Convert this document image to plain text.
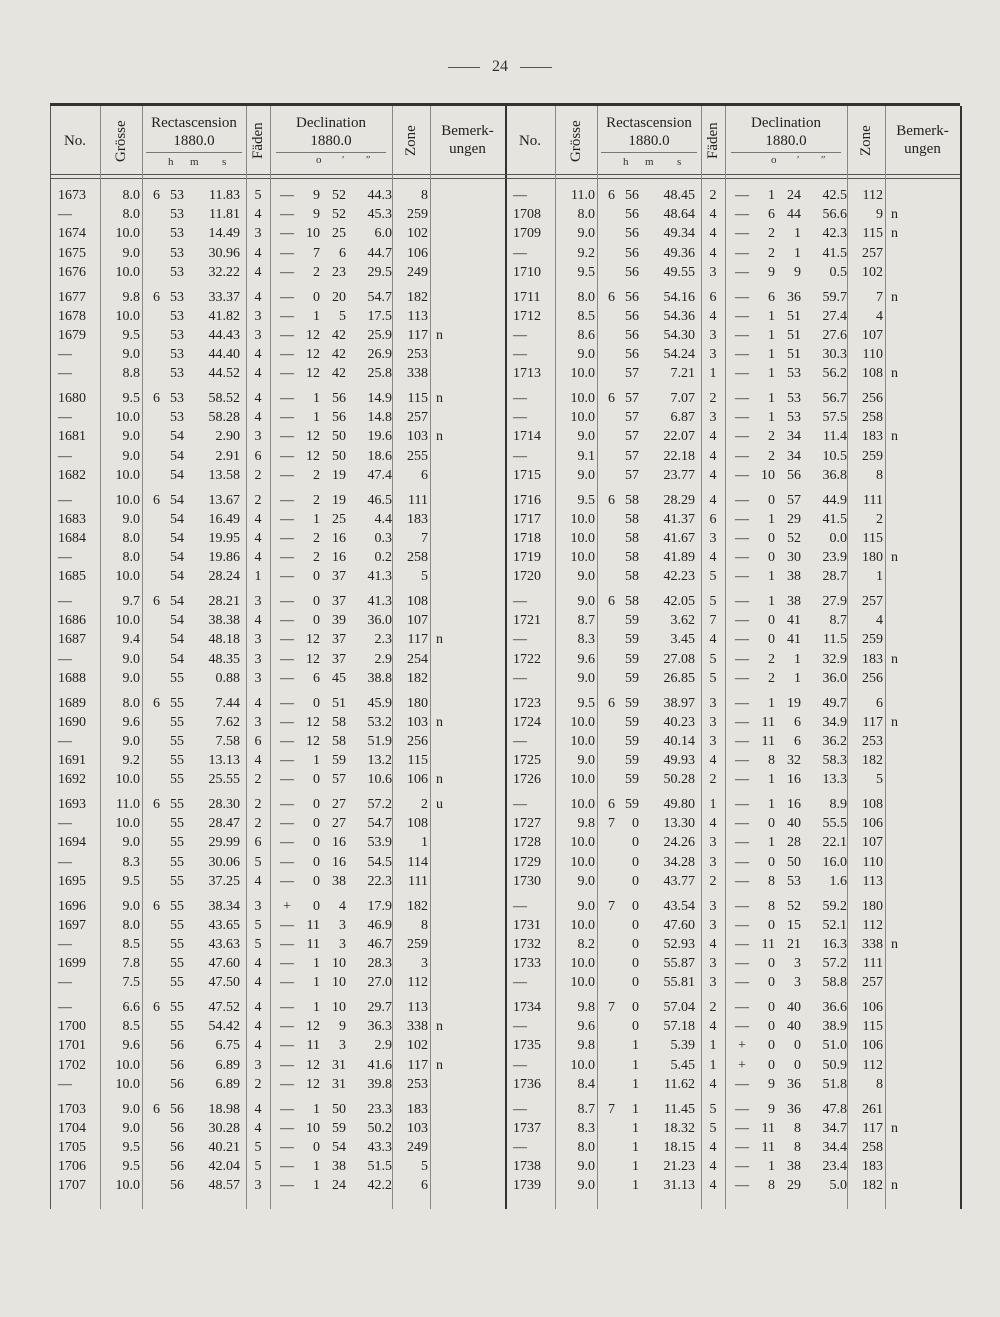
24
No.	Grösse	Rectascension
1880.0
h m s
Fäden	Declination
1880.0
o ʹ ʺ
Zone	Bemerk-
ungen
1673	8.0 6 53	11.83	5	—	9 52	44.3	8
—	8.0	53	11.81	4	—	9 52	45.3	259
1674	10.0	53	14.49	3	— 10 25	6.0	102
1675	9.0	53	30.96	4	—	7	6	44.7	106
1676	10.0	53	32.22	4	—	2 23	29.5	249
1677	9.8 6 53	33.37	4	—	0 20	54.7	182
1678	10.0	53	41.82	3	—	1	5	17.5	113
1679	9.5	53	44.43	3	— 12 42	25.9	117 n
—	9.0	53	44.40	4	— 12 42	26.9	253
—	8.8	53	44.52	4	— 12 42	25.8	338
1680	9.5 6 53	58.52	4	—	1 56	14.9	115 n
—	10.0	53	58.28	4	—	1 56	14.8	257
1681	9.0	54	2.90	3	— 12 50	19.6	103 n
—	9.0	54	2.91	6	— 12 50	18.6	255
1682	10.0	54	13.58	2	—	2 19	47.4	6
—	10.0 6 54	13.67	2	—	2 19	46.5	111
1683	9.0	54	16.49	4	—	1 25	4.4	183
1684	8.0	54	19.95	4	—	2 16	0.3	7
—	8.0	54	19.86	4	—	2 16	0.2	258
1685	10.0	54	28.24	1	—	0 37	41.3	5
—	9.7 6 54	28.21	3	—	0 37	41.3	108
1686	10.0	54	38.38	4	—	0 39	36.0	107
1687	9.4	54	48.18	3	— 12 37	2.3	117 n
—	9.0	54	48.35	3	— 12 37	2.9	254
1688	9.0	55	0.88	3	—	6 45	38.8	182
1689	8.0 6 55	7.44	4	—	0 51	45.9	180
1690	9.6	55	7.62	3	— 12 58	53.2	103 n
—	9.0	55	7.58	6	— 12 58	51.9	256
1691	9.2	55	13.13	4	—	1 59	13.2	115
1692	10.0	55	25.55	2	—	0 57	10.6	106 n
1693	11.0 6 55	28.30	2	—	0 27	57.2	2 u
—	10.0	55	28.47	2	—	0 27	54.7	108
1694	9.0	55	29.99	6	—	0 16	53.9	1
—	8.3	55	30.06	5	—	0 16	54.5	114
1695	9.5	55	37.25	4	—	0 38	22.3	111
1696	9.0 6 55	38.34	3	+	0	4	17.9	182
1697	8.0	55	43.65	5	— 11	3	46.9	8
—	8.5	55	43.63	5	— 11	3	46.7	259
1699	7.8	55	47.60	4	—	1 10	28.3	3
—	7.5	55	47.50	4	—	1 10	27.0	112
—	6.6 6 55	47.52	4	—	1 10	29.7	113
1700	8.5	55	54.42	4	— 12	9	36.3	338 n
1701	9.6	56	6.75	4	— 11	3	2.9	102
1702	10.0	56	6.89	3	— 12 31	41.6	117 n
—	10.0	56	6.89	2	— 12 31	39.8	253
1703	9.0 6 56	18.98	4	—	1 50	23.3	183
1704	9.0	56	30.28	4	— 10 59	50.2	103
1705	9.5	56	40.21	5	—	0 54	43.3	249
1706	9.5	56	42.04	5	—	1 38	51.5	5
1707	10.0	56	48.57	3	—	1 24	42.2	6
No.	Grösse	Rectascension
1880.0
h m s
Fäden	Declination
1880.0
o ʹ ʺ
Zone	Bemerk-
ungen
—	11.0 6 56	48.45	2	—	1 24	42.5	112
1708	8.0	56	48.64	4	—	6 44	56.6	9 n
1709	9.0	56	49.34	4	—	2	1	42.3	115 n
—	9.2	56	49.36	4	—	2	1	41.5	257
1710	9.5	56	49.55	3	—	9	9	0.5	102
1711	8.0 6 56	54.16	6	—	6 36	59.7	7 n
1712	8.5	56	54.36	4	—	1 51	27.4	4
—	8.6	56	54.30	3	—	1 51	27.6	107
—	9.0	56	54.24	3	—	1 51	30.3	110
1713	10.0	57	7.21	1	—	1 53	56.2	108 n
—	10.0 6 57	7.07	2	—	1 53	56.7	256
—	10.0	57	6.87	3	—	1 53	57.5	258
1714	9.0	57	22.07	4	—	2 34	11.4	183 n
—	9.1	57	22.18	4	—	2 34	10.5	259
1715	9.0	57	23.77	4	— 10 56	36.8	8
1716	9.5 6 58	28.29	4	—	0 57	44.9	111
1717	10.0	58	41.37	6	—	1 29	41.5	2
1718	10.0	58	41.67	3	—	0 52	0.0	115
1719	10.0	58	41.89	4	—	0 30	23.9	180 n
1720	9.0	58	42.23	5	—	1 38	28.7	1
—	9.0 6 58	42.05	5	—	1 38	27.9	257
1721	8.7	59	3.62	7	—	0 41	8.7	4
—	8.3	59	3.45	4	—	0 41	11.5	259
1722	9.6	59	27.08	5	—	2	1	32.9	183 n
—	9.0	59	26.85	5	—	2	1	36.0	256
1723	9.5 6 59	38.97	3	—	1 19	49.7	6
1724	10.0	59	40.23	3	— 11	6	34.9	117 n
—	10.0	59	40.14	3	— 11	6	36.2	253
1725	9.0	59	49.93	4	—	8 32	58.3	182
1726	10.0	59	50.28	2	—	1 16	13.3	5
—	10.0 6 59	49.80	1	—	1 16	8.9	108
1727	9.8 7	0	13.30	4	—	0 40	55.5	106
1728	10.0	0	24.26	3	—	1 28	22.1	107
1729	10.0	0	34.28	3	—	0 50	16.0	110
1730	9.0	0	43.77	2	—	8 53	1.6	113
—	9.0 7	0	43.54	3	—	8 52	59.2	180
1731	10.0	0	47.60	3	—	0 15	52.1	112
1732	8.2	0	52.93	4	— 11 21	16.3	338 n
1733	10.0	0	55.87	3	—	0	3	57.2	111
—	10.0	0	55.81	3	—	0	3	58.8	257
1734	9.8 7	0	57.04	2	—	0 40	36.6	106
—	9.6	0	57.18	4	—	0 40	38.9	115
1735	9.8	1	5.39	1	+	0	0	51.0	106
—	10.0	1	5.45	1	+	0	0	50.9	112
1736	8.4	1	11.62	4	—	9 36	51.8	8
—	8.7 7	1	11.45	5	—	9 36	47.8	261
1737	8.3	1	18.32	5	— 11	8	34.7	117 n
—	8.0	1	18.15	4	— 11	8	34.4	258
1738	9.0	1	21.23	4	—	1 38	23.4	183
1739	9.0	1	31.13	4	—	8 29	5.0	182 n
